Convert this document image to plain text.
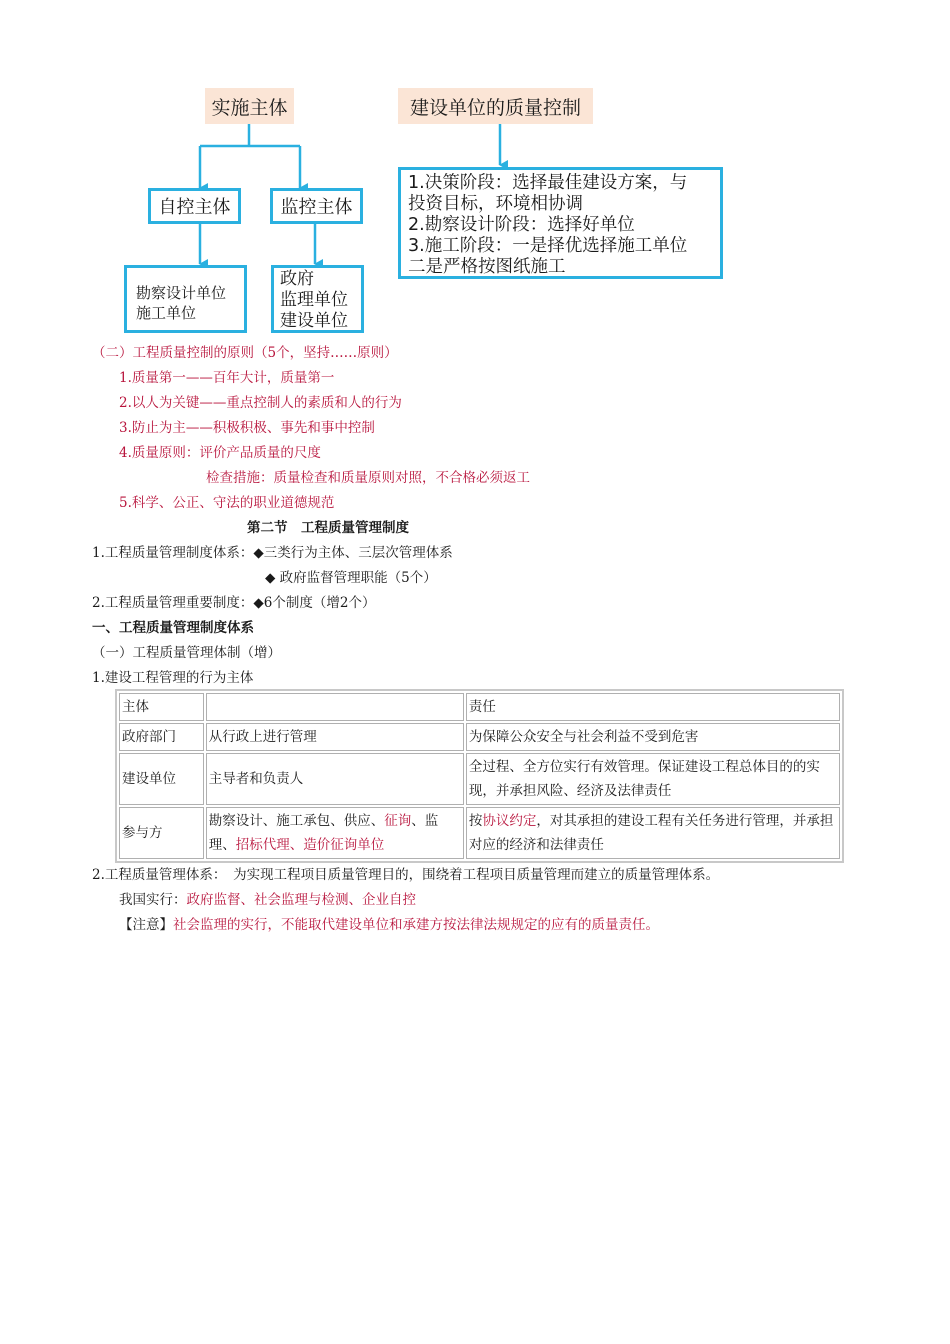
实施主体
自控主体	监控主体
勘察设计单位
施工单位
政府
监理单位
建设单位
建设单位的质量控制
1.决策阶段：选择最佳建设方案，与
投资目标，环境相协调
2.勘察设计阶段：选择好单位
3.施工阶段：一是择优选择施工单位
二是严格按图纸施工
（二）工程质量控制的原则（5个，坚持……原则）
1.质量第一——百年大计，质量第一
2.以人为关键——重点控制人的素质和人的行为
3.防止为主——积极积极、事先和事中控制
4.质量原则：评价产品质量的尺度
检查措施：质量检查和质量原则对照，不合格必须返工
5.科学、公正、守法的职业道德规范
第二节　工程质量管理制度
1.工程质量管理制度体系：◆三类行为主体、三层次管理体系
◆ 政府监督管理职能（5个）
2.工程质量管理重要制度：◆6个制度（增2个）
一、工程质量管理制度体系
（一）工程质量管理体制（增）
1.建设工程管理的行为主体
主体		责任
政府部门	从行政上进行管理	为保障公众安全与社会利益不受到危害
建设单位	主导者和负责人	全过程、全方位实行有效管理。保证建设工程总体目的的实现，并承担风险、经济及法律责任
参与方	勘察设计、施工承包、供应、征询、监理、招标代理、造价征询单位	按协议约定，对其承担的建设工程有关任务进行管理，并承担对应的经济和法律责任
2.工程质量管理体系：　为实现工程项目质量管理目的，围绕着工程项目质量管理而建立的质量管理体系。
我国实行：政府监督、社会监理与检测、企业自控
【注意】社会监理的实行，不能取代建设单位和承建方按法律法规规定的应有的质量责任。
